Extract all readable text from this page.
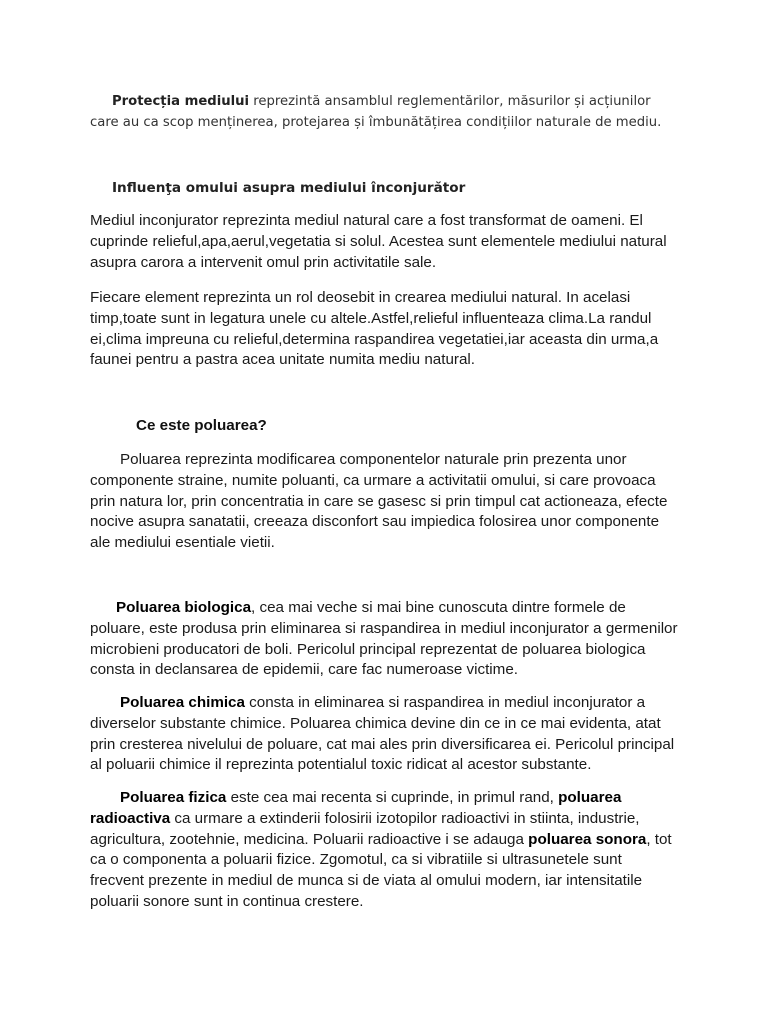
Protecția mediului reprezintă ansamblul reglementărilor, măsurilor și acțiunilor care au ca scop menținerea, protejarea și îmbunătățirea condițiilor naturale de mediu.

Influenţa omului asupra mediului înconjurător

Mediul inconjurator reprezinta mediul natural care a fost transformat de oameni. El cuprinde relieful,apa,aerul,vegetatia si solul. Acestea sunt elementele mediului natural asupra carora a intervenit omul prin activitatile sale.

Fiecare element reprezinta un rol deosebit in crearea mediului natural. In acelasi timp,toate sunt in legatura unele cu altele.Astfel,relieful influenteaza clima.La randul ei,clima impreuna cu relieful,determina raspandirea vegetatiei,iar aceasta din urma,a faunei pentru a pastra acea unitate numita mediu natural.

Ce este poluarea?

Poluarea reprezinta modificarea componentelor naturale prin prezenta unor componente straine, numite poluanti, ca urmare a activitatii omului, si care provoaca prin natura lor, prin concentratia in care se gasesc si prin timpul cat actioneaza, efecte nocive asupra sanatatii, creeaza disconfort sau impiedica folosirea unor componente ale mediului esentiale vietii.

Poluarea biologica, cea mai veche si mai bine cunoscuta dintre formele de poluare, este produsa prin eliminarea si raspandirea in mediul inconjurator a germenilor microbieni producatori de boli. Pericolul principal reprezentat de poluarea biologica consta in declansarea de epidemii, care fac numeroase victime.

Poluarea chimica consta in eliminarea si raspandirea in mediul inconjurator a diverselor substante chimice. Poluarea chimica devine din ce in ce mai evidenta, atat prin cresterea nivelului de poluare, cat mai ales prin diversificarea ei. Pericolul principal al poluarii chimice il reprezinta potentialul toxic ridicat al acestor substante.

Poluarea fizica este cea mai recenta si cuprinde, in primul rand, poluarea radioactiva ca urmare a extinderii folosirii izotopilor radioactivi in stiinta, industrie, agricultura, zootehnie, medicina. Poluarii radioactive i se adauga poluarea sonora, tot ca o componenta a poluarii fizice. Zgomotul, ca si vibratiile si ultrasunetele sunt frecvent prezente in mediul de munca si de viata al omului modern, iar intensitatile poluarii sonore sunt in continua crestere.
